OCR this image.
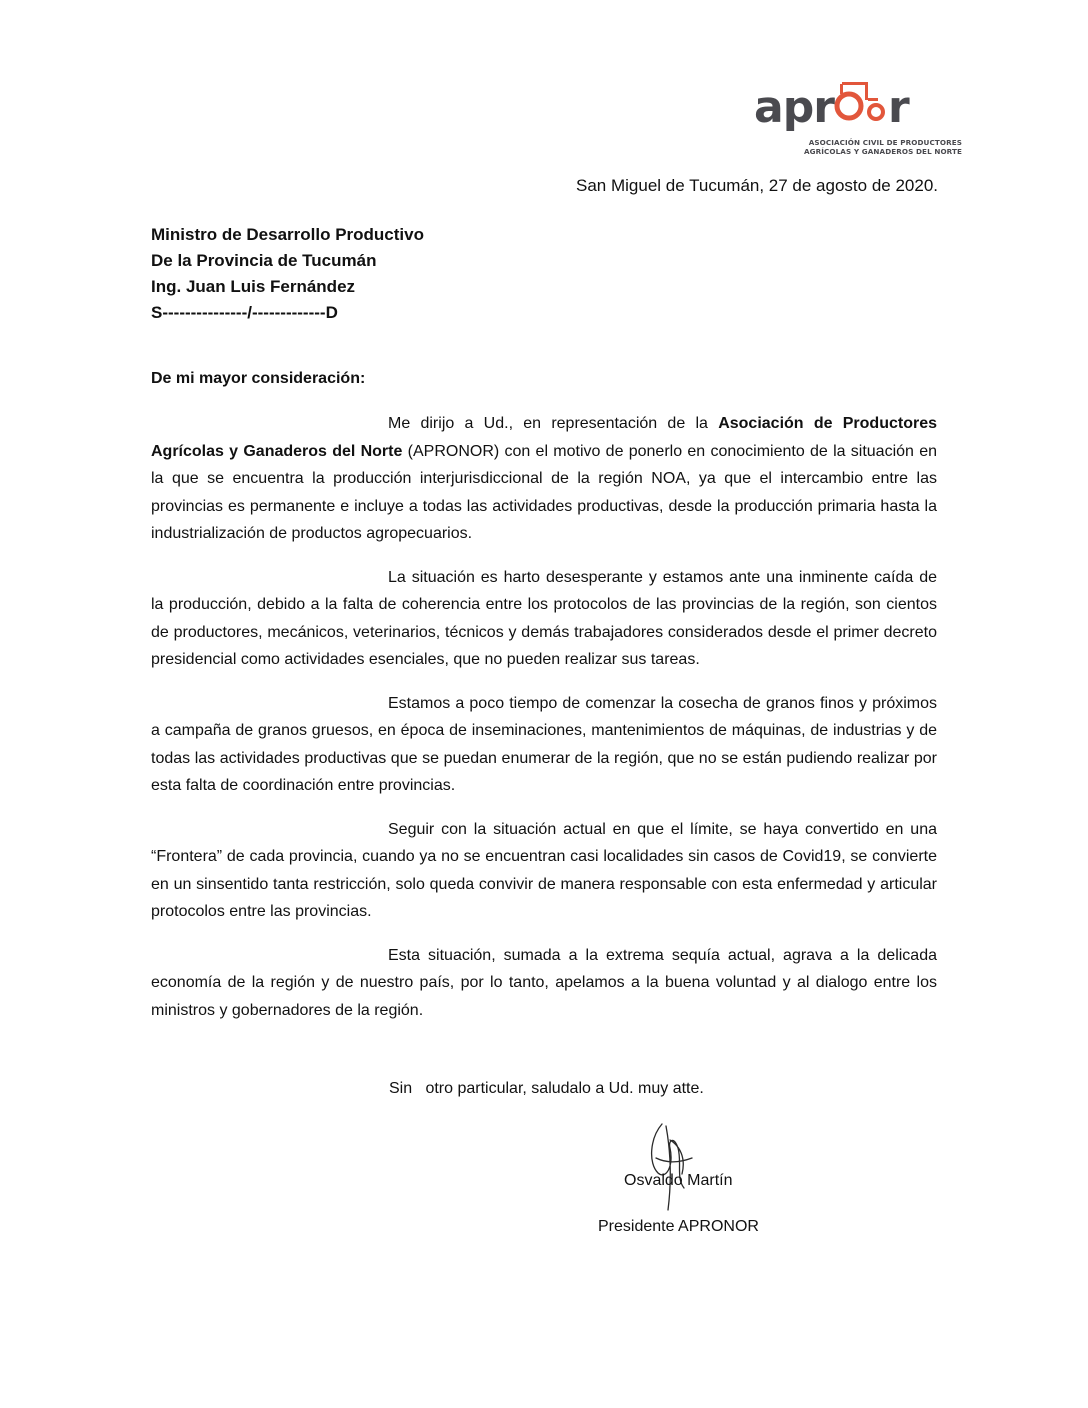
apr r
ASOCIACIÓN CIVIL DE PRODUCTORES
AGRÍCOLAS Y GANADEROS DEL NORTE
San Miguel de Tucumán, 27 de agosto de 2020.
Ministro de Desarrollo Productivo
De la Provincia de Tucumán
Ing. Juan Luis Fernández
S---------------/-------------D
De mi mayor consideración:

Me dirijo a Ud., en representación de la Asociación de Productores Agrícolas y Ganaderos del Norte (APRONOR) con el motivo de ponerlo en conocimiento de la situación en la que se encuentra la producción interjurisdiccional de la región NOA, ya que el intercambio entre las provincias es permanente e incluye a todas las actividades productivas, desde la producción primaria hasta la industrialización de productos agropecuarios.

La situación es harto desesperante y estamos ante una inminente caída de la producción, debido a la falta de coherencia entre los protocolos de las provincias de la región, son cientos de productores, mecánicos, veterinarios, técnicos y demás trabajadores considerados desde el primer decreto presidencial como actividades esenciales, que no pueden realizar sus tareas.

Estamos a poco tiempo de comenzar la cosecha de granos finos y próximos a campaña de granos gruesos, en época de inseminaciones, mantenimientos de máquinas, de industrias y de todas las actividades productivas que se puedan enumerar de la región, que no se están pudiendo realizar por esta falta de coordinación entre provincias.

Seguir con la situación actual en que el límite, se haya convertido en una “Frontera” de cada provincia, cuando ya no se encuentran casi localidades sin casos de Covid19, se convierte en un sinsentido tanta restricción, solo queda convivir de manera responsable con esta enfermedad y articular protocolos entre las provincias.

Esta situación, sumada a la extrema sequía actual, agrava a la delicada economía de la región y de nuestro país, por lo tanto, apelamos a la buena voluntad y al dialogo entre los ministros y gobernadores de la región.

Sin   otro particular, saludalo a Ud. muy atte.
Osvaldo Martín
Presidente APRONOR
